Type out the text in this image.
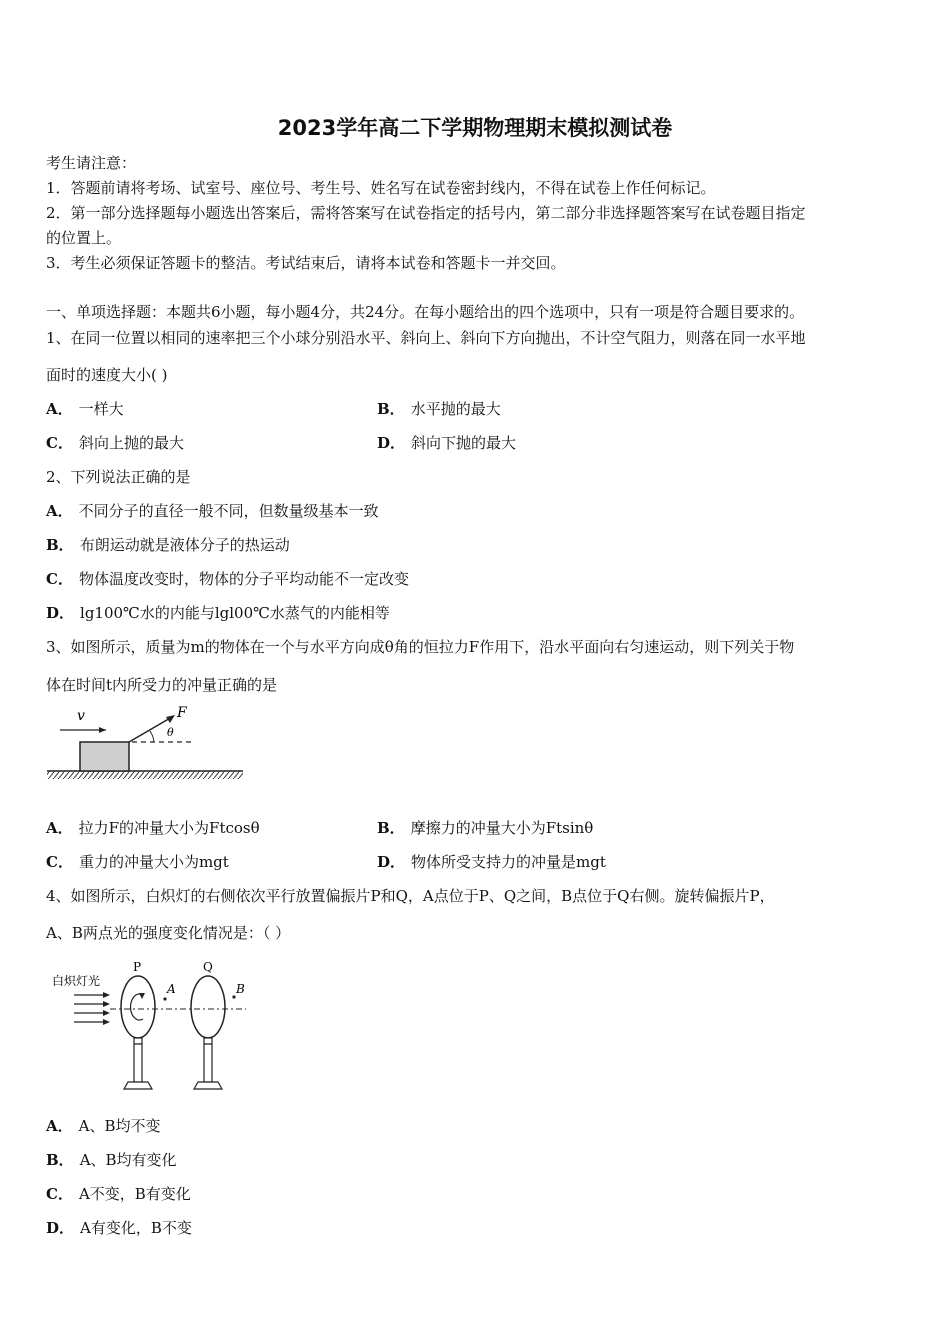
2023学年高二下学期物理期末模拟测试卷
考生请注意：
1．答题前请将考场、试室号、座位号、考生号、姓名写在试卷密封线内，不得在试卷上作任何标记。
2．第一部分选择题每小题选出答案后，需将答案写在试卷指定的括号内，第二部分非选择题答案写在试卷题目指定
的位置上。
3．考生必须保证答题卡的整洁。考试结束后，请将本试卷和答题卡一并交回。
一、单项选择题：本题共6小题，每小题4分，共24分。在每小题给出的四个选项中，只有一项是符合题目要求的。
1、在同一位置以相同的速率把三个小球分别沿水平、斜向上、斜向下方向抛出，不计空气阻力，则落在同一水平地
面时的速度大小( )
A． 一样大	B． 水平抛的最大
C． 斜向上抛的最大	D． 斜向下抛的最大
2、下列说法正确的是
A． 不同分子的直径一般不同，但数量级基本一致
B． 布朗运动就是液体分子的热运动
C． 物体温度改变时，物体的分子平均动能不一定改变
D． lg100℃水的内能与lgl00℃水蒸气的内能相等
3、如图所示，质量为m的物体在一个与水平方向成θ角的恒拉力F作用下，沿水平面向右匀速运动，则下列关于物
体在时间t内所受力的冲量正确的是
v	F
θ
A． 拉力F的冲量大小为Ftcosθ	B． 摩擦力的冲量大小为Ftsinθ
C． 重力的冲量大小为mgt	D． 物体所受支持力的冲量是mgt
4、如图所示，白炽灯的右侧依次平行放置偏振片P和Q，A点位于P、Q之间，B点位于Q右侧。旋转偏振片P，
A、B两点光的强度变化情况是：（ ）
白炽灯光
P
A
Q
B
A． A、B均不变
B． A、B均有变化
C． A不变，B有变化
D． A有变化，B不变
